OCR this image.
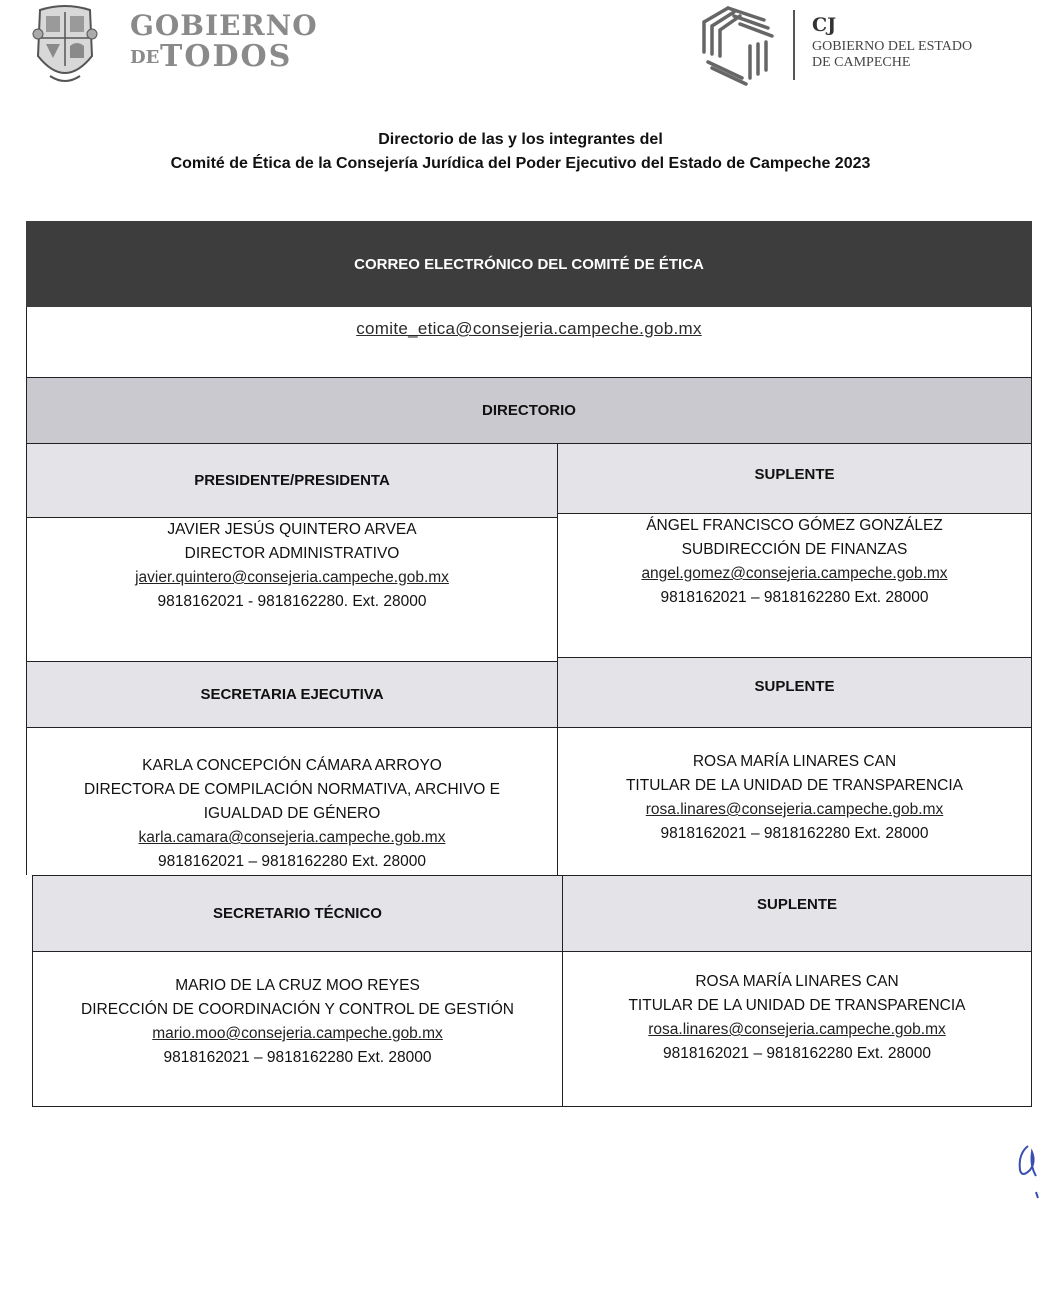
GOBIERNO
DE TODOS
CJ
GOBIERNO DEL ESTADO
DE CAMPECHE
Directorio de las y los integrantes del
Comité de Ética de la Consejería Jurídica del Poder Ejecutivo del Estado de Campeche 2023
CORREO ELECTRÓNICO DEL COMITÉ DE ÉTICA
comite_etica@consejeria.campeche.gob.mx
DIRECTORIO
PRESIDENTE/PRESIDENTA	SUPLENTE
JAVIER JESÚS QUINTERO ARVEA
DIRECTOR ADMINISTRATIVO
javier.quintero@consejeria.campeche.gob.mx
9818162021 - 9818162280. Ext. 28000
ÁNGEL FRANCISCO GÓMEZ GONZÁLEZ
SUBDIRECCIÓN DE FINANZAS
angel.gomez@consejeria.campeche.gob.mx
9818162021 – 9818162280 Ext. 28000
SECRETARIA EJECUTIVA	SUPLENTE
KARLA CONCEPCIÓN CÁMARA ARROYO
DIRECTORA DE COMPILACIÓN NORMATIVA, ARCHIVO E
IGUALDAD DE GÉNERO
karla.camara@consejeria.campeche.gob.mx
9818162021 – 9818162280 Ext. 28000
ROSA MARÍA LINARES CAN
TITULAR DE LA UNIDAD DE TRANSPARENCIA
rosa.linares@consejeria.campeche.gob.mx
9818162021 – 9818162280 Ext. 28000
SECRETARIO TÉCNICO
SUPLENTE
MARIO DE LA CRUZ MOO REYES
DIRECCIÓN DE COORDINACIÓN Y CONTROL DE GESTIÓN
mario.moo@consejeria.campeche.gob.mx
9818162021 – 9818162280 Ext. 28000
ROSA MARÍA LINARES CAN
TITULAR DE LA UNIDAD DE TRANSPARENCIA
rosa.linares@consejeria.campeche.gob.mx
9818162021 – 9818162280 Ext. 28000
